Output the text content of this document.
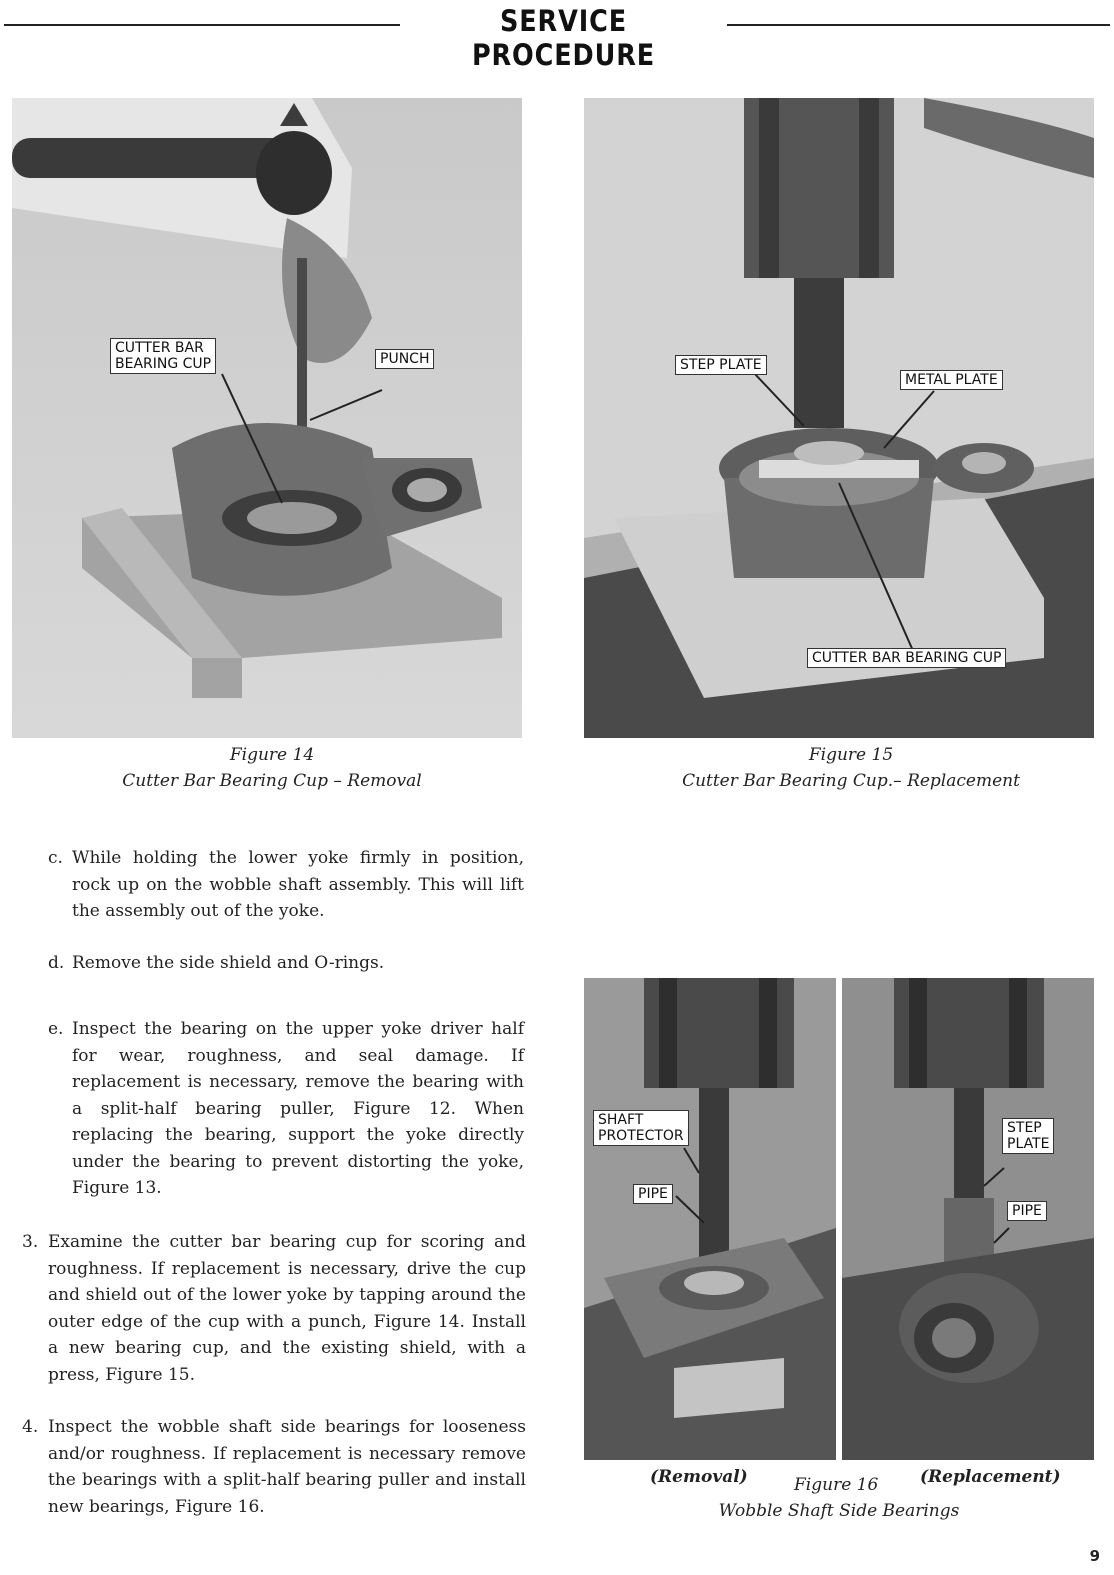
SERVICE PROCEDURE
CUTTER BAR
BEARING CUP	PUNCH	STEP PLATE
METAL PLATE
CUTTER BAR BEARING CUP
Figure 14
Cutter Bar Bearing Cup – Removal
Figure 15
Cutter Bar Bearing Cup.– Replacement
c. While holding the lower yoke firmly in position, rock up on the wobble shaft assembly. This will lift the assembly out of the yoke.
d. Remove the side shield and O-rings.
e. Inspect the bearing on the upper yoke driver half for wear, roughness, and seal damage. If replacement is necessary, remove the bearing with a split-half bearing puller, Figure 12. When replacing the bearing, support the yoke directly under the bearing to prevent distorting the yoke, Figure 13.
3. Examine the cutter bar bearing cup for scoring and roughness. If replacement is necessary, drive the cup and shield out of the lower yoke by tapping around the outer edge of the cup with a punch, Figure 14. Install a new bearing cup, and the existing shield, with a press, Figure 15.
4. Inspect the wobble shaft side bearings for looseness and/or roughness. If replacement is necessary remove the bearings with a split-half bearing puller and install new bearings, Figure 16.
SHAFT
PROTECTOR
PIPE
STEP
PLATE
PIPE
(Removal)	Figure 16 (Replacement)
Wobble Shaft Side Bearings
9
